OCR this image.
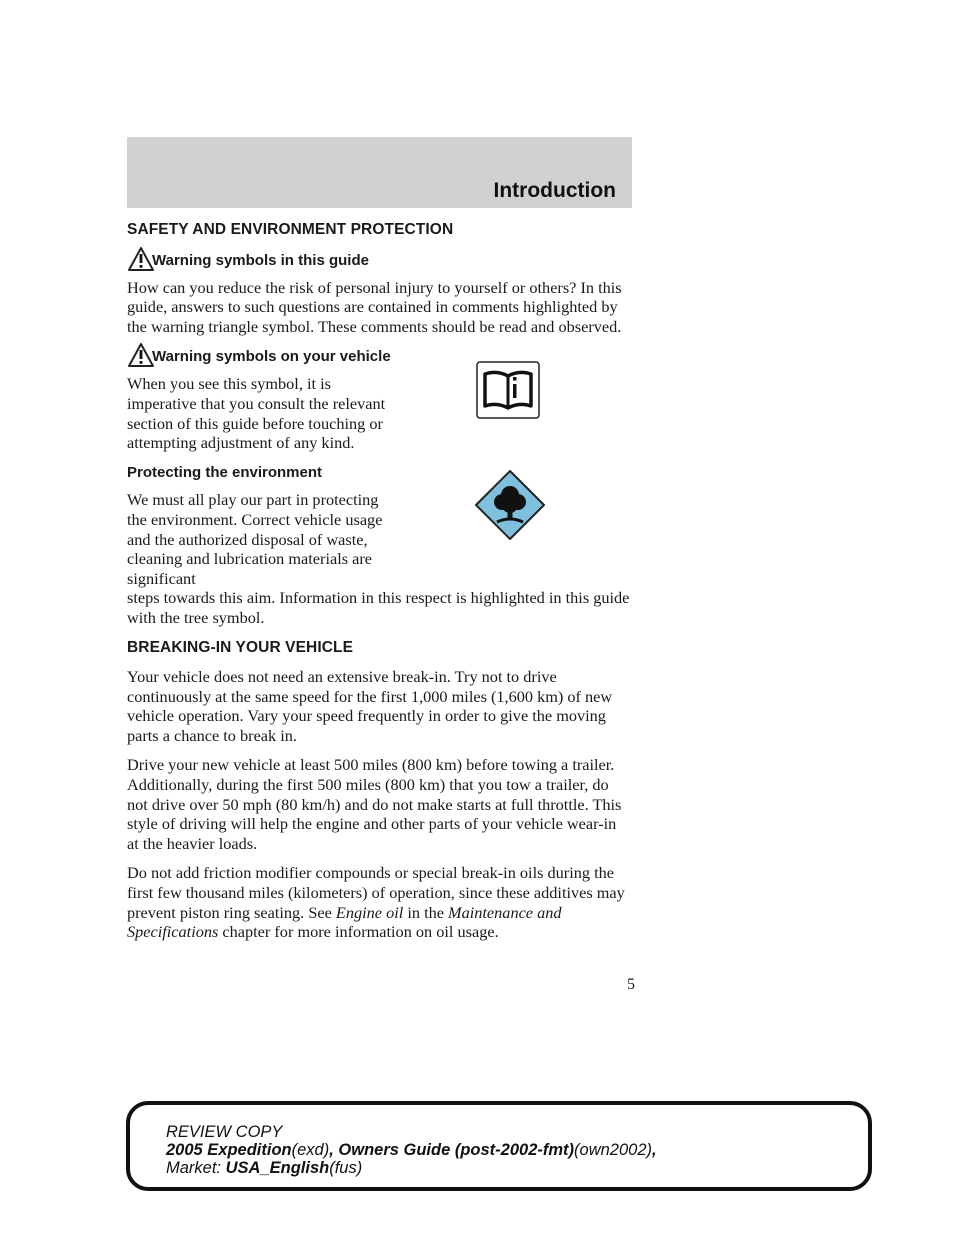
Introduction
SAFETY AND ENVIRONMENT PROTECTION
Warning symbols in this guide

How can you reduce the risk of personal injury to yourself or others? In this guide, answers to such questions are contained in comments highlighted by the warning triangle symbol. These comments should be read and observed.

Warning symbols on your vehicle

When you see this symbol, it is imperative that you consult the relevant section of this guide before touching or attempting adjustment of any kind.

Protecting the environment

We must all play our part in protecting the environment. Correct vehicle usage and the authorized disposal of waste, cleaning and lubrication materials are significant

steps towards this aim. Information in this respect is highlighted in this guide with the tree symbol.

BREAKING-IN YOUR VEHICLE

Your vehicle does not need an extensive break-in. Try not to drive continuously at the same speed for the first 1,000 miles (1,600 km) of new vehicle operation. Vary your speed frequently in order to give the moving parts a chance to break in.

Drive your new vehicle at least 500 miles (800 km) before towing a trailer. Additionally, during the first 500 miles (800 km) that you tow a trailer, do not drive over 50 mph (80 km/h) and do not make starts at full throttle. This style of driving will help the engine and other parts of your vehicle wear-in at the heavier loads.

Do not add friction modifier compounds or special break-in oils during the first few thousand miles (kilometers) of operation, since these additives may prevent piston ring seating. See Engine oil in the Maintenance and Specifications chapter for more information on oil usage.

5
REVIEW COPY
2005 Expedition(exd), Owners Guide (post-2002-fmt)(own2002),
Market: USA_English(fus)
